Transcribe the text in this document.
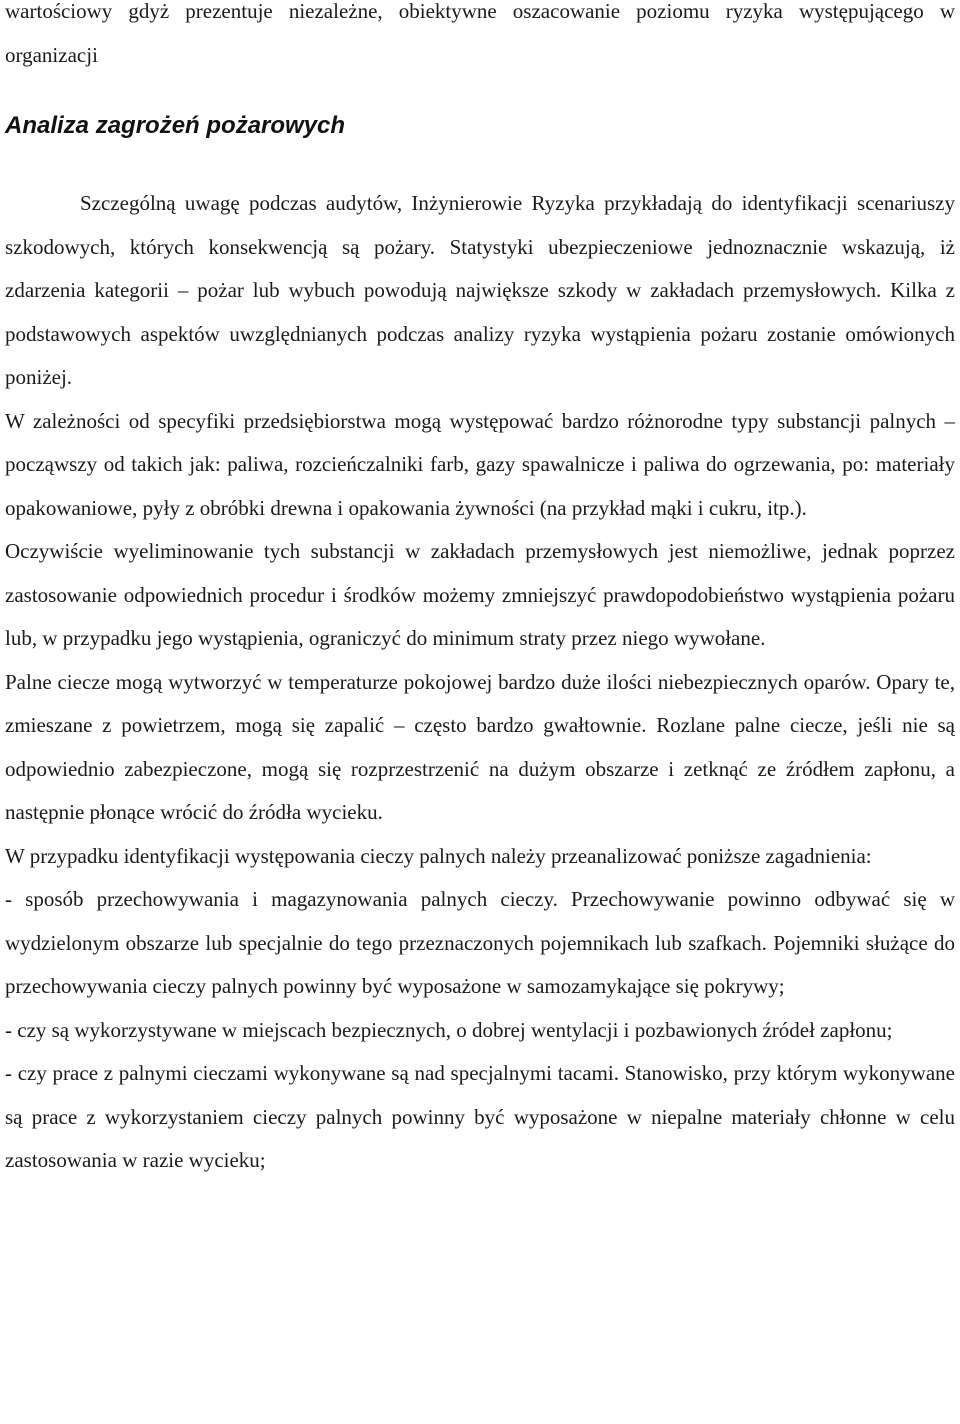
wartościowy gdyż prezentuje niezależne, obiektywne oszacowanie poziomu ryzyka występującego w organizacji

Analiza zagrożeń pożarowych

Szczególną uwagę podczas audytów, Inżynierowie Ryzyka przykładają do identyfikacji scenariuszy szkodowych, których konsekwencją są pożary. Statystyki ubezpieczeniowe jednoznacznie wskazują, iż zdarzenia kategorii – pożar lub wybuch powodują największe szkody w zakładach przemysłowych. Kilka z podstawowych aspektów uwzględnianych podczas analizy ryzyka wystąpienia pożaru zostanie omówionych poniżej.

W zależności od specyfiki przedsiębiorstwa mogą występować bardzo różnorodne typy substancji palnych – począwszy od takich jak: paliwa, rozcieńczalniki farb, gazy spawalnicze i paliwa do ogrzewania, po: materiały opakowaniowe, pyły z obróbki drewna i opakowania żywności (na przykład mąki i cukru, itp.).

Oczywiście wyeliminowanie tych substancji w zakładach przemysłowych jest niemożliwe, jednak poprzez zastosowanie odpowiednich procedur i środków możemy zmniejszyć prawdopodobieństwo wystąpienia pożaru lub, w przypadku jego wystąpienia, ograniczyć do minimum straty przez niego wywołane.

Palne ciecze mogą wytworzyć w temperaturze pokojowej bardzo duże ilości niebezpiecznych oparów. Opary te, zmieszane z powietrzem, mogą się zapalić – często bardzo gwałtownie. Rozlane palne ciecze, jeśli nie są odpowiednio zabezpieczone, mogą się rozprzestrzenić na dużym obszarze i zetknąć ze źródłem zapłonu, a następnie płonące wrócić do źródła wycieku.

W przypadku identyfikacji występowania cieczy palnych należy przeanalizować poniższe zagadnienia:

- sposób przechowywania i magazynowania palnych cieczy. Przechowywanie powinno odbywać się w wydzielonym obszarze lub specjalnie do tego przeznaczonych pojemnikach lub szafkach. Pojemniki służące do przechowywania cieczy palnych powinny być wyposażone w samozamykające się pokrywy;

- czy są wykorzystywane w miejscach bezpiecznych, o dobrej wentylacji i pozbawionych źródeł zapłonu;

- czy prace z palnymi cieczami wykonywane są nad specjalnymi tacami. Stanowisko, przy którym wykonywane są prace z wykorzystaniem cieczy palnych powinny być wyposażone w niepalne materiały chłonne w celu zastosowania w razie wycieku;
